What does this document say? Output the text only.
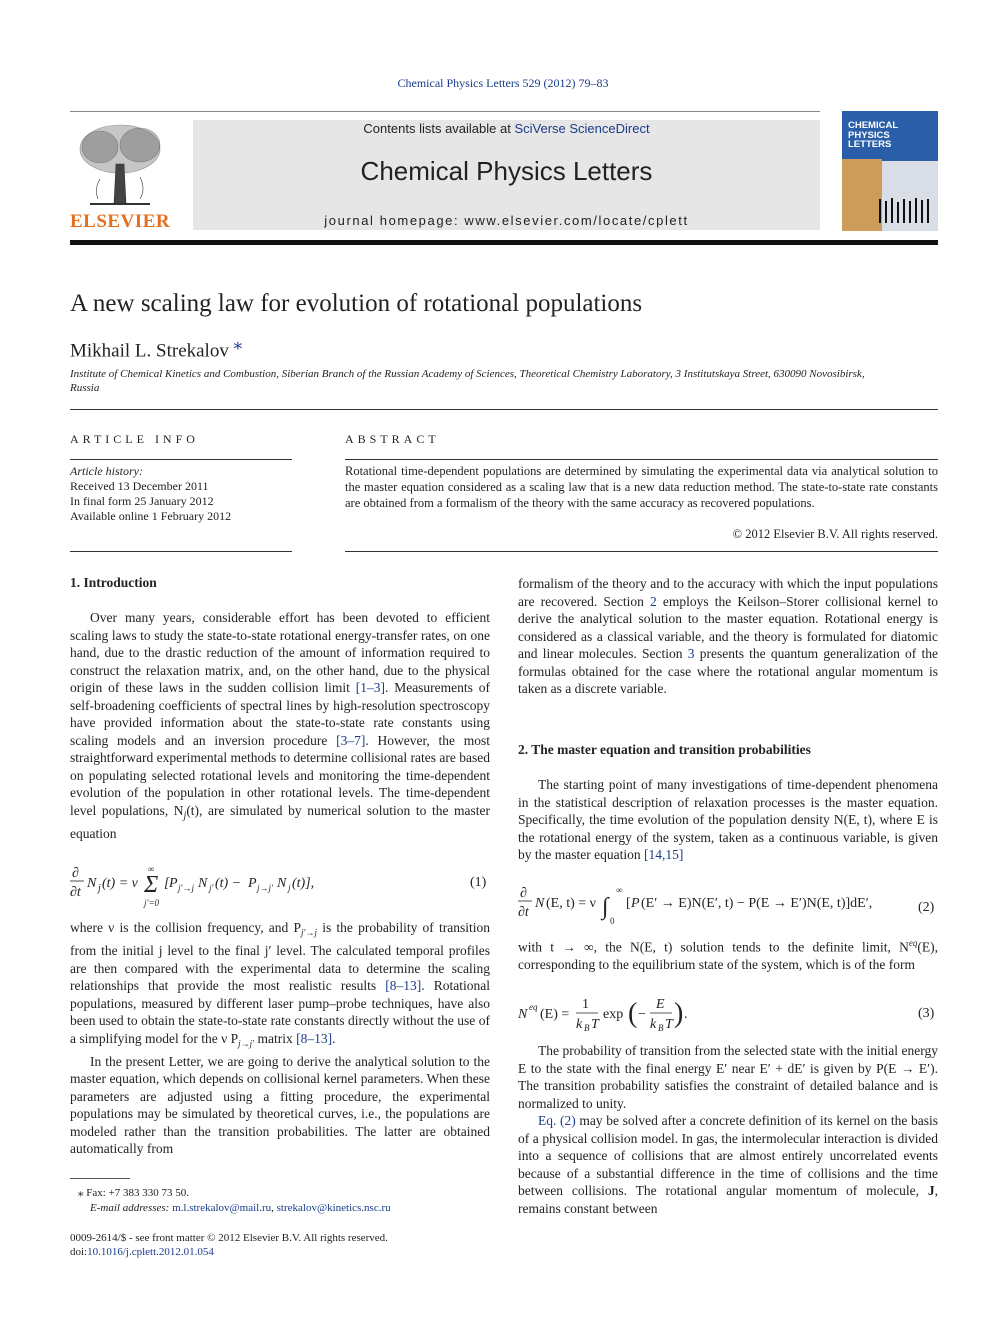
Chemical Physics Letters 529 (2012) 79–83
ELSEVIER
Contents lists available at SciVerse ScienceDirect
Chemical Physics Letters
journal homepage: www.elsevier.com/locate/cplett
CHEMICAL
PHYSICS
LETTERS
A new scaling law for evolution of rotational populations
Mikhail L. Strekalov ⁎
Institute of Chemical Kinetics and Combustion, Siberian Branch of the Russian Academy of Sciences, Theoretical Chemistry Laboratory, 3 Institutskaya Street, 630090 Novosibirsk, Russia
ARTICLE INFO
Article history:
Received 13 December 2011
In final form 25 January 2012
Available online 1 February 2012
ABSTRACT
Rotational time-dependent populations are determined by simulating the experimental data via analytical solution to the master equation considered as a scaling law that is a new data reduction method. The state-to-state rate constants are obtained from a formalism of the theory with the same accuracy as recovered populations.
© 2012 Elsevier B.V. All rights reserved.
1. Introduction

Over many years, considerable effort has been devoted to efficient scaling laws to study the state-to-state rotational energy-transfer rates, on one hand, due to the drastic reduction of the amount of information required to construct the relaxation matrix, and, on the other hand, due to the physical origin of these laws in the sudden collision limit [1–3]. Measurements of self-broadening coefficients of spectral lines by high-resolution spectroscopy have provided information about the state-to-state rate constants using scaling models and an inversion procedure [3–7]. However, the most straightforward experimental methods to determine collisional rates are based on populating selected rotational levels and monitoring the time-dependent evolution of the population in other rotational levels. The time-dependent level populations, $N_j(t)$, are simulated by numerical solution to the master equation

∂
∂t
N j (t) = ν Σ
∞
j′=0
[ P j′→j N j′ (t) − P j→j′ N j (t)],	(1)

where ν is the collision frequency, and $P_{j'\to j}$ is the probability of transition from the initial j level to the final j′ level. The calculated temporal profiles are then compared with the experimental data to determine the scaling relationships that provide the most realistic results [8–13]. Rotational populations, measured by different laser pump–probe techniques, have also been used to obtain the state-to-state rate constants directly without the use of a simplifying model for the ν $P_{j\to j'}$ matrix [8–13].

In the present Letter, we are going to derive the analytical solution to the master equation, which depends on collisional kernel parameters. When these parameters are adjusted using a fitting procedure, the experimental populations may be simulated by theoretical curves, i.e., the populations are modeled rather than the transition probabilities. The latter are obtained automatically from

⁎ Fax: +7 383 330 73 50.
E-mail addresses: m.l.strekalov@mail.ru, strekalov@kinetics.nsc.ru
0009-2614/$ - see front matter © 2012 Elsevier B.V. All rights reserved.
doi:10.1016/j.cplett.2012.01.054

formalism of the theory and to the accuracy with which the input populations are recovered. Section 2 employs the Keilson–Storer collisional kernel to derive the analytical solution to the master equation. Rotational energy is considered as a classical variable, and the theory is formulated for diatomic and linear molecules. Section 3 presents the quantum generalization of the formulas obtained for the case where the rotational angular momentum is taken as a discrete variable.

2. The master equation and transition probabilities

The starting point of many investigations of time-dependent phenomena in the statistical description of relaxation processes is the master equation. Specifically, the time evolution of the population density N(E, t), where E is the rotational energy of the system, taken as a continuous variable, is given by the master equation [14,15]

∂
∂t
N (E, t) = ν ∫
∞
0
[ P (E′ → E)N(E′, t) − P(E → E′)N(E, t)]dE′,	(2)

with t → ∞, the N(E, t) solution tends to the definite limit, $N^{eq}(E)$, corresponding to the equilibrium state of the system, which is of the form

N eq (E) =
1
k B T
exp ( −
E
k B T ) .	(3)

The probability of transition from the selected state with the initial energy E to the state with the final energy E′ near E′ + dE′ is given by P(E → E′). The transition probability satisfies the constraint of detailed balance and is normalized to unity.

Eq. (2) may be solved after a concrete definition of its kernel on the basis of a physical collision model. In gas, the intermolecular interaction is divided into a sequence of collisions that are almost entirely uncorrelated events because of a substantial difference in the time of collisions and the time between collisions. The rotational angular momentum of molecule, J, remains constant between
